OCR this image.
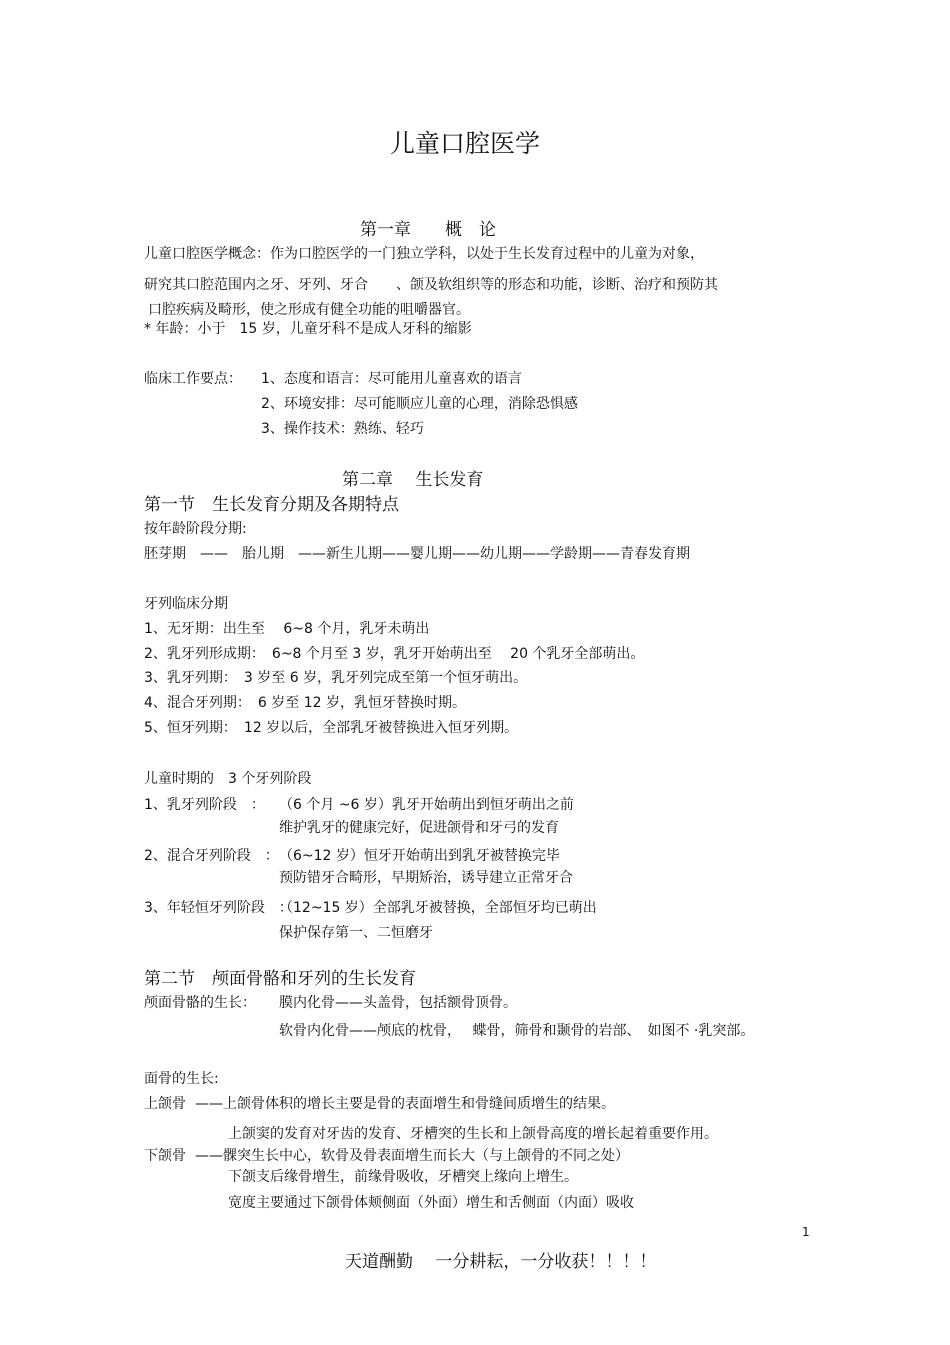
儿童口腔医学
第一章　　概　论
儿童口腔医学概念：作为口腔医学的一门独立学科，以处于生长发育过程中的儿童为对象，
研究其口腔范围内之牙、牙列、牙合　　、颌及软组织等的形态和功能，诊断、治疗和预防其
口腔疾病及畸形，使之形成有健全功能的咀嚼器官。
* 年龄：小于　15 岁，儿童牙科不是成人牙科的缩影
临床工作要点： 1、态度和语言：尽可能用儿童喜欢的语言
2、环境安排：尽可能顺应儿童的心理，消除恐惧感
3、操作技术：熟练、轻巧
第二章　 生长发育
第一节　生长发育分期及各期特点
按年龄阶段分期:
胚芽期　——　胎儿期　——新生儿期——婴儿期——幼儿期——学龄期——青春发育期
牙列临床分期
1、无牙期：出生至　 6~8 个月，乳牙未萌出
2、乳牙列形成期：　6~8 个月至 3 岁，乳牙开始萌出至　 20 个乳牙全部萌出。
3、乳牙列期：　3 岁至 6 岁，乳牙列完成至第一个恒牙萌出。
4、混合牙列期：　6 岁至 12 岁，乳恒牙替换时期。
5、恒牙列期：　12 岁以后，全部乳牙被替换进入恒牙列期。
儿童时期的　3 个牙列阶段
1、乳牙列阶段　： （6 个月 ~6 岁）乳牙开始萌出到恒牙萌出之前
维护乳牙的健康完好，促进颌骨和牙弓的发育
2、混合牙列阶段　： （6~12 岁）恒牙开始萌出到乳牙被替换完毕
预防错牙合畸形，早期矫治，诱导建立正常牙合
3、年轻恒牙列阶段　：
（12~15 岁）全部乳牙被替换，全部恒牙均已萌出
保护保存第一、二恒磨牙
第二节　颅面骨骼和牙列的生长发育
颅面骨骼的生长： 膜内化骨——头盖骨，包括额骨顶骨。
软骨内化骨——颅底的枕骨，　 蝶骨，筛骨和颞骨的岩部、　如图不 ·乳突部。
面骨的生长:
上颌骨 ——上颌骨体积的增长主要是骨的表面增生和骨缝间质增生的结果。
上颌窦的发育对牙齿的发育、牙槽突的生长和上颌骨高度的增长起着重要作用。
下颌骨 ——髁突生长中心，软骨及骨表面增生而长大（与上颌骨的不同之处）
下颌支后缘骨增生，前缘骨吸收，牙槽突上缘向上增生。
宽度主要通过下颌骨体颊侧面（外面）增生和舌侧面（内面）吸收
1
天道酬勤　 一分耕耘，一分收获！！！！
